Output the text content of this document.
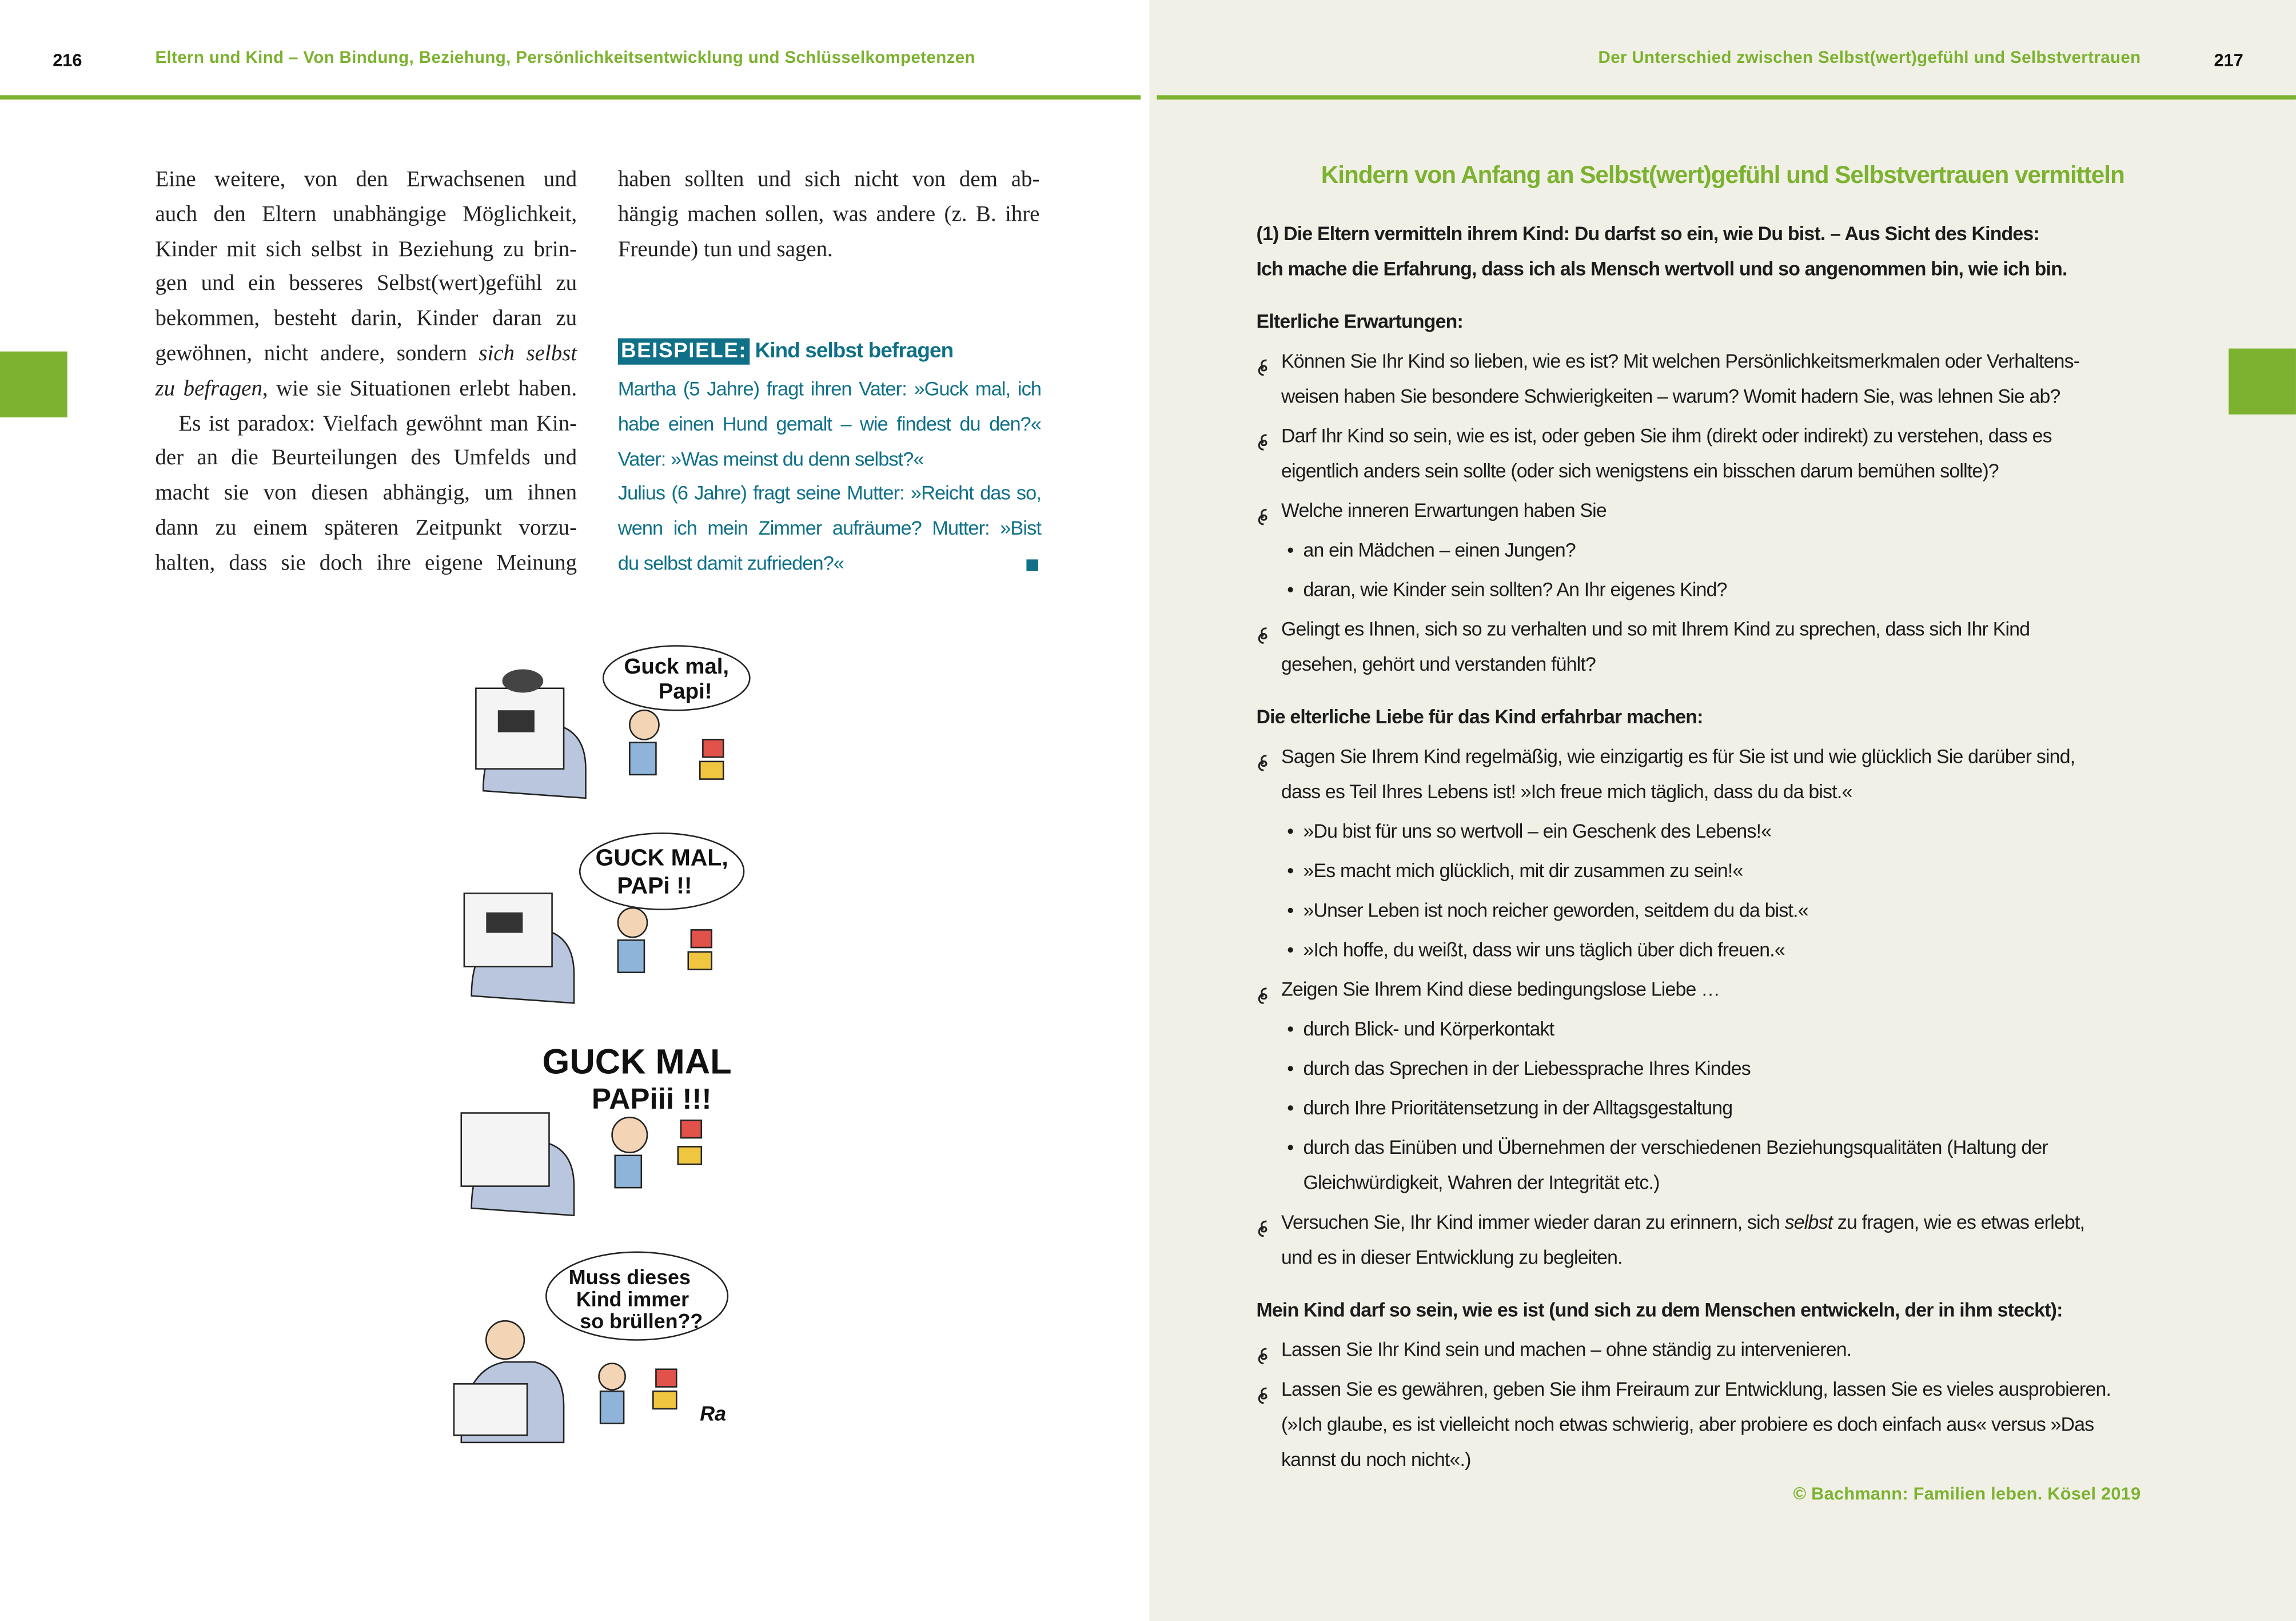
216	Eltern und Kind – Von Bindung, Beziehung, Persönlichkeitsentwicklung und Schlüsselkompetenzen
Eine weitere, von den Erwachsenen und
auch den Eltern unabhängige Möglichkeit,
Kinder mit sich selbst in Beziehung zu brin-
gen und ein besseres Selbst(wert)gefühl zu
bekommen, besteht darin, Kinder daran zu
gewöhnen, nicht andere, sondern sich selbst
zu befragen, wie sie Situationen erlebt haben.
Es ist paradox: Vielfach gewöhnt man Kin-
der an die Beurteilungen des Umfelds und
macht sie von diesen abhängig, um ihnen
dann zu einem späteren Zeitpunkt vorzu-
halten, dass sie doch ihre eigene Meinung
haben sollten und sich nicht von dem ab-
hängig machen sollen, was andere (z. B. ihre
Freunde) tun und sagen.
BEISPIELE: Kind selbst befragen
Martha (5 Jahre) fragt ihren Vater: »Guck mal, ich
habe einen Hund gemalt – wie findest du den?«
Vater: »Was meinst du denn selbst?«
Julius (6 Jahre) fragt seine Mutter: »Reicht das so,
wenn ich mein Zimmer aufräume? Mutter: »Bist
du selbst damit zufrieden?«
Guck mal,
Papi!
GUCK MAL,
PAPi !!
GUCK MAL
PAPiii !!!
Muss dieses
Kind immer
so brüllen??
Ra
Der Unterschied zwischen Selbst(wert)gefühl und Selbstvertrauen	217
Kindern von Anfang an Selbst(wert)gefühl und Selbstvertrauen vermitteln
(1) Die Eltern vermitteln ihrem Kind: Du darfst so ein, wie Du bist. – Aus Sicht des Kindes:
Ich mache die Erfahrung, dass ich als Mensch wertvoll und so angenommen bin, wie ich bin.
Elterliche Erwartungen:
Können Sie Ihr Kind so lieben, wie es ist? Mit welchen Persönlichkeitsmerkmalen oder Verhaltens-
weisen haben Sie besondere Schwierigkeiten – warum? Womit hadern Sie, was lehnen Sie ab?
Darf Ihr Kind so sein, wie es ist, oder geben Sie ihm (direkt oder indirekt) zu verstehen, dass es
eigentlich anders sein sollte (oder sich wenigstens ein bisschen darum bemühen sollte)?
Welche inneren Erwartungen haben Sie
• an ein Mädchen – einen Jungen?
• daran, wie Kinder sein sollten? An Ihr eigenes Kind?
Gelingt es Ihnen, sich so zu verhalten und so mit Ihrem Kind zu sprechen, dass sich Ihr Kind
gesehen, gehört und verstanden fühlt?
Die elterliche Liebe für das Kind erfahrbar machen:
Sagen Sie Ihrem Kind regelmäßig, wie einzigartig es für Sie ist und wie glücklich Sie darüber sind,
dass es Teil Ihres Lebens ist! »Ich freue mich täglich, dass du da bist.«
• »Du bist für uns so wertvoll – ein Geschenk des Lebens!«
• »Es macht mich glücklich, mit dir zusammen zu sein!«
• »Unser Leben ist noch reicher geworden, seitdem du da bist.«
• »Ich hoffe, du weißt, dass wir uns täglich über dich freuen.«
Zeigen Sie Ihrem Kind diese bedingungslose Liebe …
• durch Blick- und Körperkontakt
• durch das Sprechen in der Liebessprache Ihres Kindes
• durch Ihre Prioritätensetzung in der Alltagsgestaltung
• durch das Einüben und Übernehmen der verschiedenen Beziehungsqualitäten (Haltung der
Gleichwürdigkeit, Wahren der Integrität etc.)
Versuchen Sie, Ihr Kind immer wieder daran zu erinnern, sich selbst zu fragen, wie es etwas erlebt,
und es in dieser Entwicklung zu begleiten.
Mein Kind darf so sein, wie es ist (und sich zu dem Menschen entwickeln, der in ihm steckt):
Lassen Sie Ihr Kind sein und machen – ohne ständig zu intervenieren.
Lassen Sie es gewähren, geben Sie ihm Freiraum zur Entwicklung, lassen Sie es vieles ausprobieren.
(»Ich glaube, es ist vielleicht noch etwas schwierig, aber probiere es doch einfach aus« versus »Das
kannst du noch nicht«.)
© Bachmann: Familien leben. Kösel 2019
